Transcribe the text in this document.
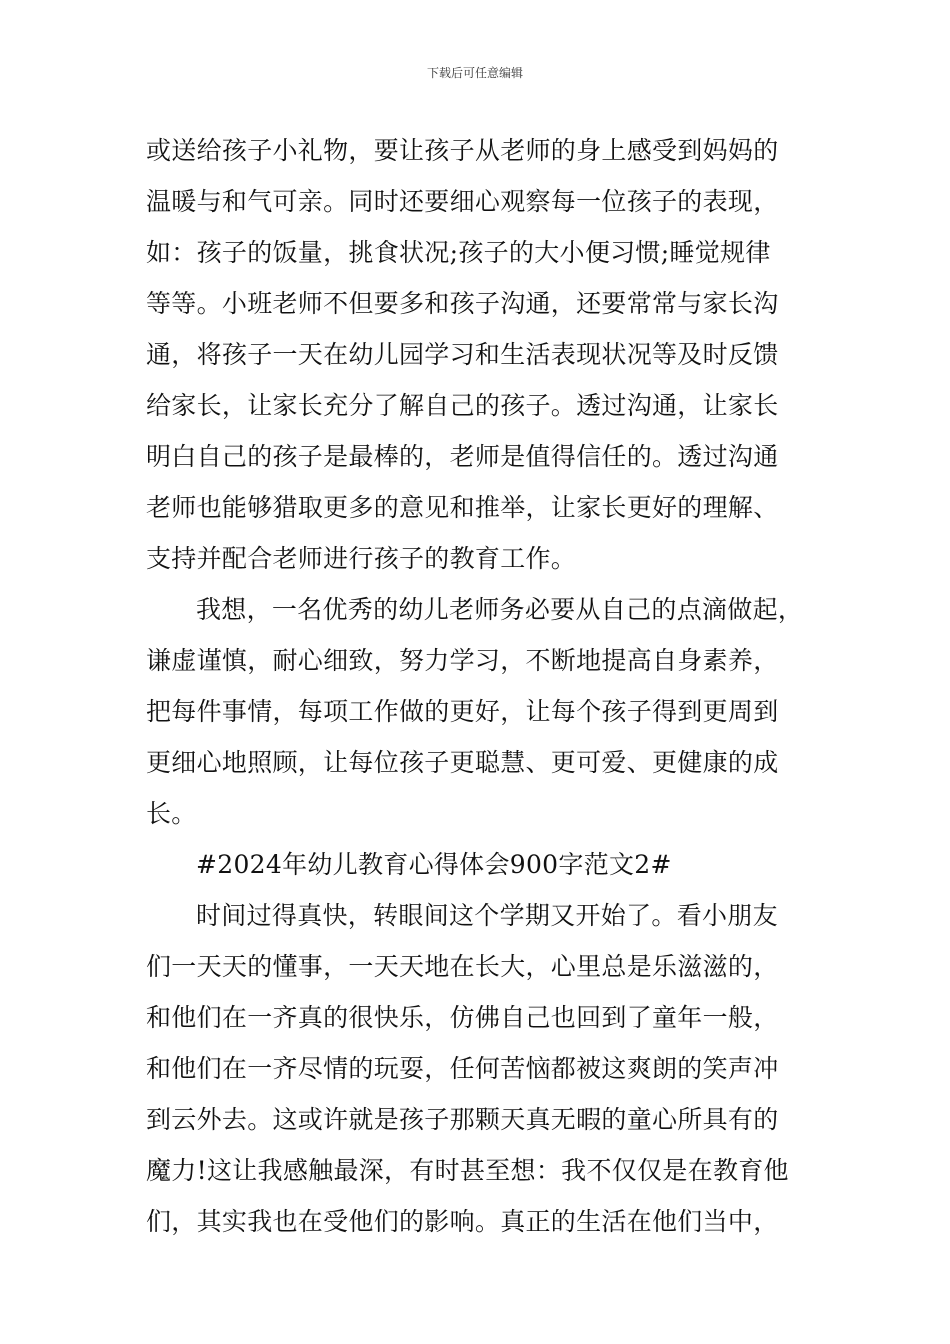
下载后可任意编辑
或送给孩子小礼物，要让孩子从老师的身上感受到妈妈的
温暖与和气可亲。同时还要细心观察每一位孩子的表现，
如：孩子的饭量，挑食状况;孩子的大小便习惯;睡觉规律
等等。小班老师不但要多和孩子沟通，还要常常与家长沟
通，将孩子一天在幼儿园学习和生活表现状况等及时反馈
给家长，让家长充分了解自己的孩子。透过沟通，让家长
明白自己的孩子是最棒的，老师是值得信任的。透过沟通
老师也能够猎取更多的意见和推举，让家长更好的理解、
支持并配合老师进行孩子的教育工作。
我想，一名优秀的幼儿老师务必要从自己的点滴做起，
谦虚谨慎，耐心细致，努力学习，不断地提高自身素养，
把每件事情，每项工作做的更好，让每个孩子得到更周到
更细心地照顾，让每位孩子更聪慧、更可爱、更健康的成
长。
#2024年幼儿教育心得体会900字范文2#
时间过得真快，转眼间这个学期又开始了。看小朋友
们一天天的懂事，一天天地在长大，心里总是乐滋滋的，
和他们在一齐真的很快乐，仿佛自己也回到了童年一般，
和他们在一齐尽情的玩耍，任何苦恼都被这爽朗的笑声冲
到云外去。这或许就是孩子那颗天真无暇的童心所具有的
魔力!这让我感触最深，有时甚至想：我不仅仅是在教育他
们，其实我也在受他们的影响。真正的生活在他们当中，
